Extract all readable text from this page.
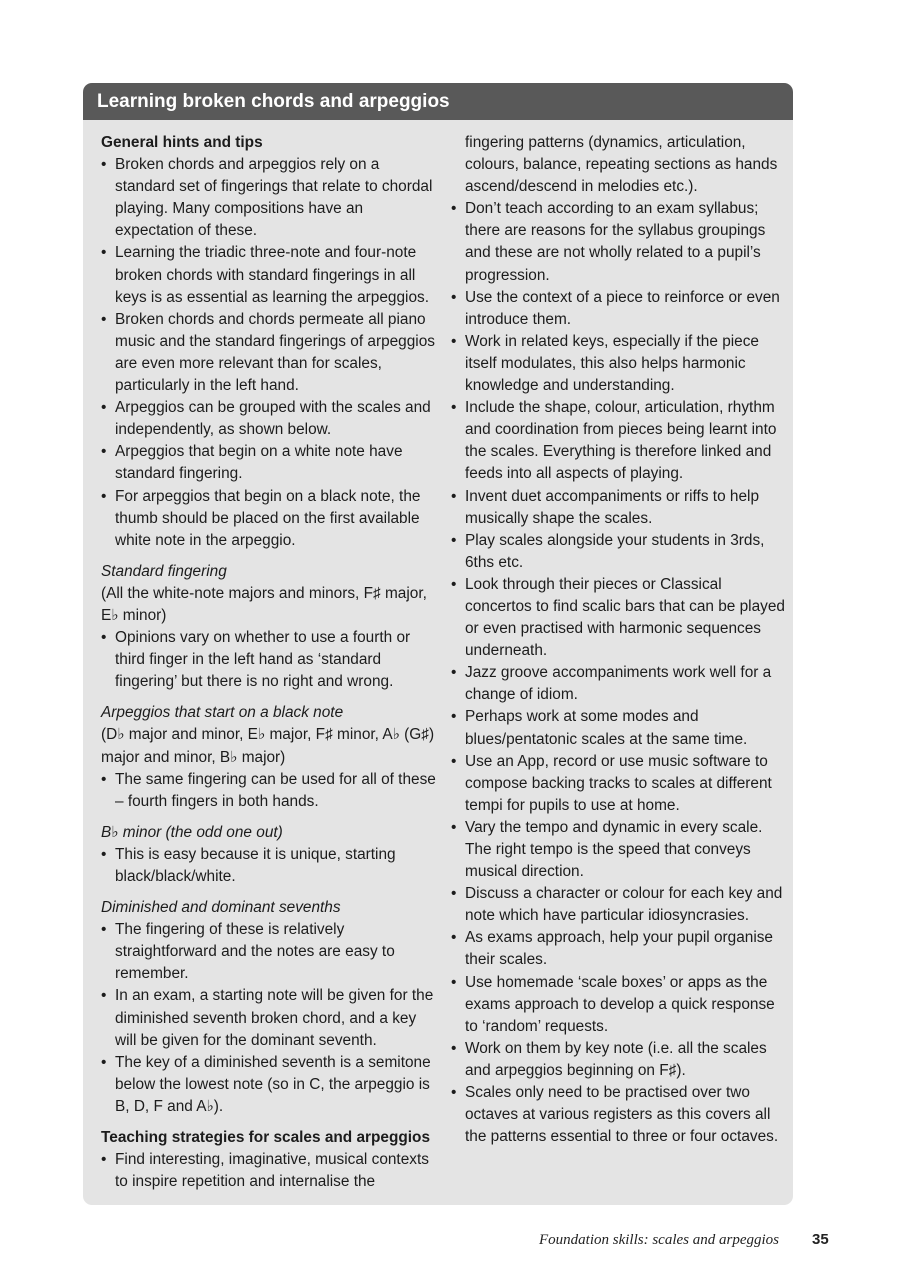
Learning broken chords and arpeggios

General hints and tips

• Broken chords and arpeggios rely on a standard set of fingerings that relate to chordal playing. Many compositions have an expectation of these.
• Learning the triadic three-note and four-note broken chords with standard fingerings in all keys is as essential as learning the arpeggios.
• Broken chords and chords permeate all piano music and the standard fingerings of arpeggios are even more relevant than for scales, particularly in the left hand.
• Arpeggios can be grouped with the scales and independently, as shown below.
• Arpeggios that begin on a white note have standard fingering.
• For arpeggios that begin on a black note, the thumb should be placed on the first available white note in the arpeggio.

Standard fingering

(All the white-note majors and minors, F♯ major, E♭ minor)

• Opinions vary on whether to use a fourth or third finger in the left hand as ‘standard fingering’ but there is no right and wrong.

Arpeggios that start on a black note

(D♭ major and minor, E♭ major, F♯ minor, A♭ (G♯) major and minor, B♭ major)

• The same fingering can be used for all of these – fourth fingers in both hands.

B♭ minor (the odd one out)

• This is easy because it is unique, starting black/black/white.

Diminished and dominant sevenths

• The fingering of these is relatively straightforward and the notes are easy to remember.
• In an exam, a starting note will be given for the diminished seventh broken chord, and a key will be given for the dominant seventh.
• The key of a diminished seventh is a semitone below the lowest note (so in C, the arpeggio is B, D, F and A♭).

Teaching strategies for scales and arpeggios

• Find interesting, imaginative, musical contexts to inspire repetition and internalise the

fingering patterns (dynamics, articulation, colours, balance, repeating sections as hands ascend/descend in melodies etc.).

• Don’t teach according to an exam syllabus; there are reasons for the syllabus groupings and these are not wholly related to a pupil’s progression.
• Use the context of a piece to reinforce or even introduce them.
• Work in related keys, especially if the piece itself modulates, this also helps harmonic knowledge and understanding.
• Include the shape, colour, articulation, rhythm and coordination from pieces being learnt into the scales. Everything is therefore linked and feeds into all aspects of playing.
• Invent duet accompaniments or riffs to help musically shape the scales.
• Play scales alongside your students in 3rds, 6ths etc.
• Look through their pieces or Classical concertos to find scalic bars that can be played or even practised with harmonic sequences underneath.
• Jazz groove accompaniments work well for a change of idiom.
• Perhaps work at some modes and blues/pentatonic scales at the same time.
• Use an App, record or use music software to compose backing tracks to scales at different tempi for pupils to use at home.
• Vary the tempo and dynamic in every scale. The right tempo is the speed that conveys musical direction.
• Discuss a character or colour for each key and note which have particular idiosyncrasies.
• As exams approach, help your pupil organise their scales.
• Use homemade ‘scale boxes’ or apps as the exams approach to develop a quick response to ‘random’ requests.
• Work on them by key note (i.e. all the scales and arpeggios beginning on F♯).
• Scales only need to be practised over two octaves at various registers as this covers all the patterns essential to three or four octaves.
Foundation skills: scales and arpeggios 35
